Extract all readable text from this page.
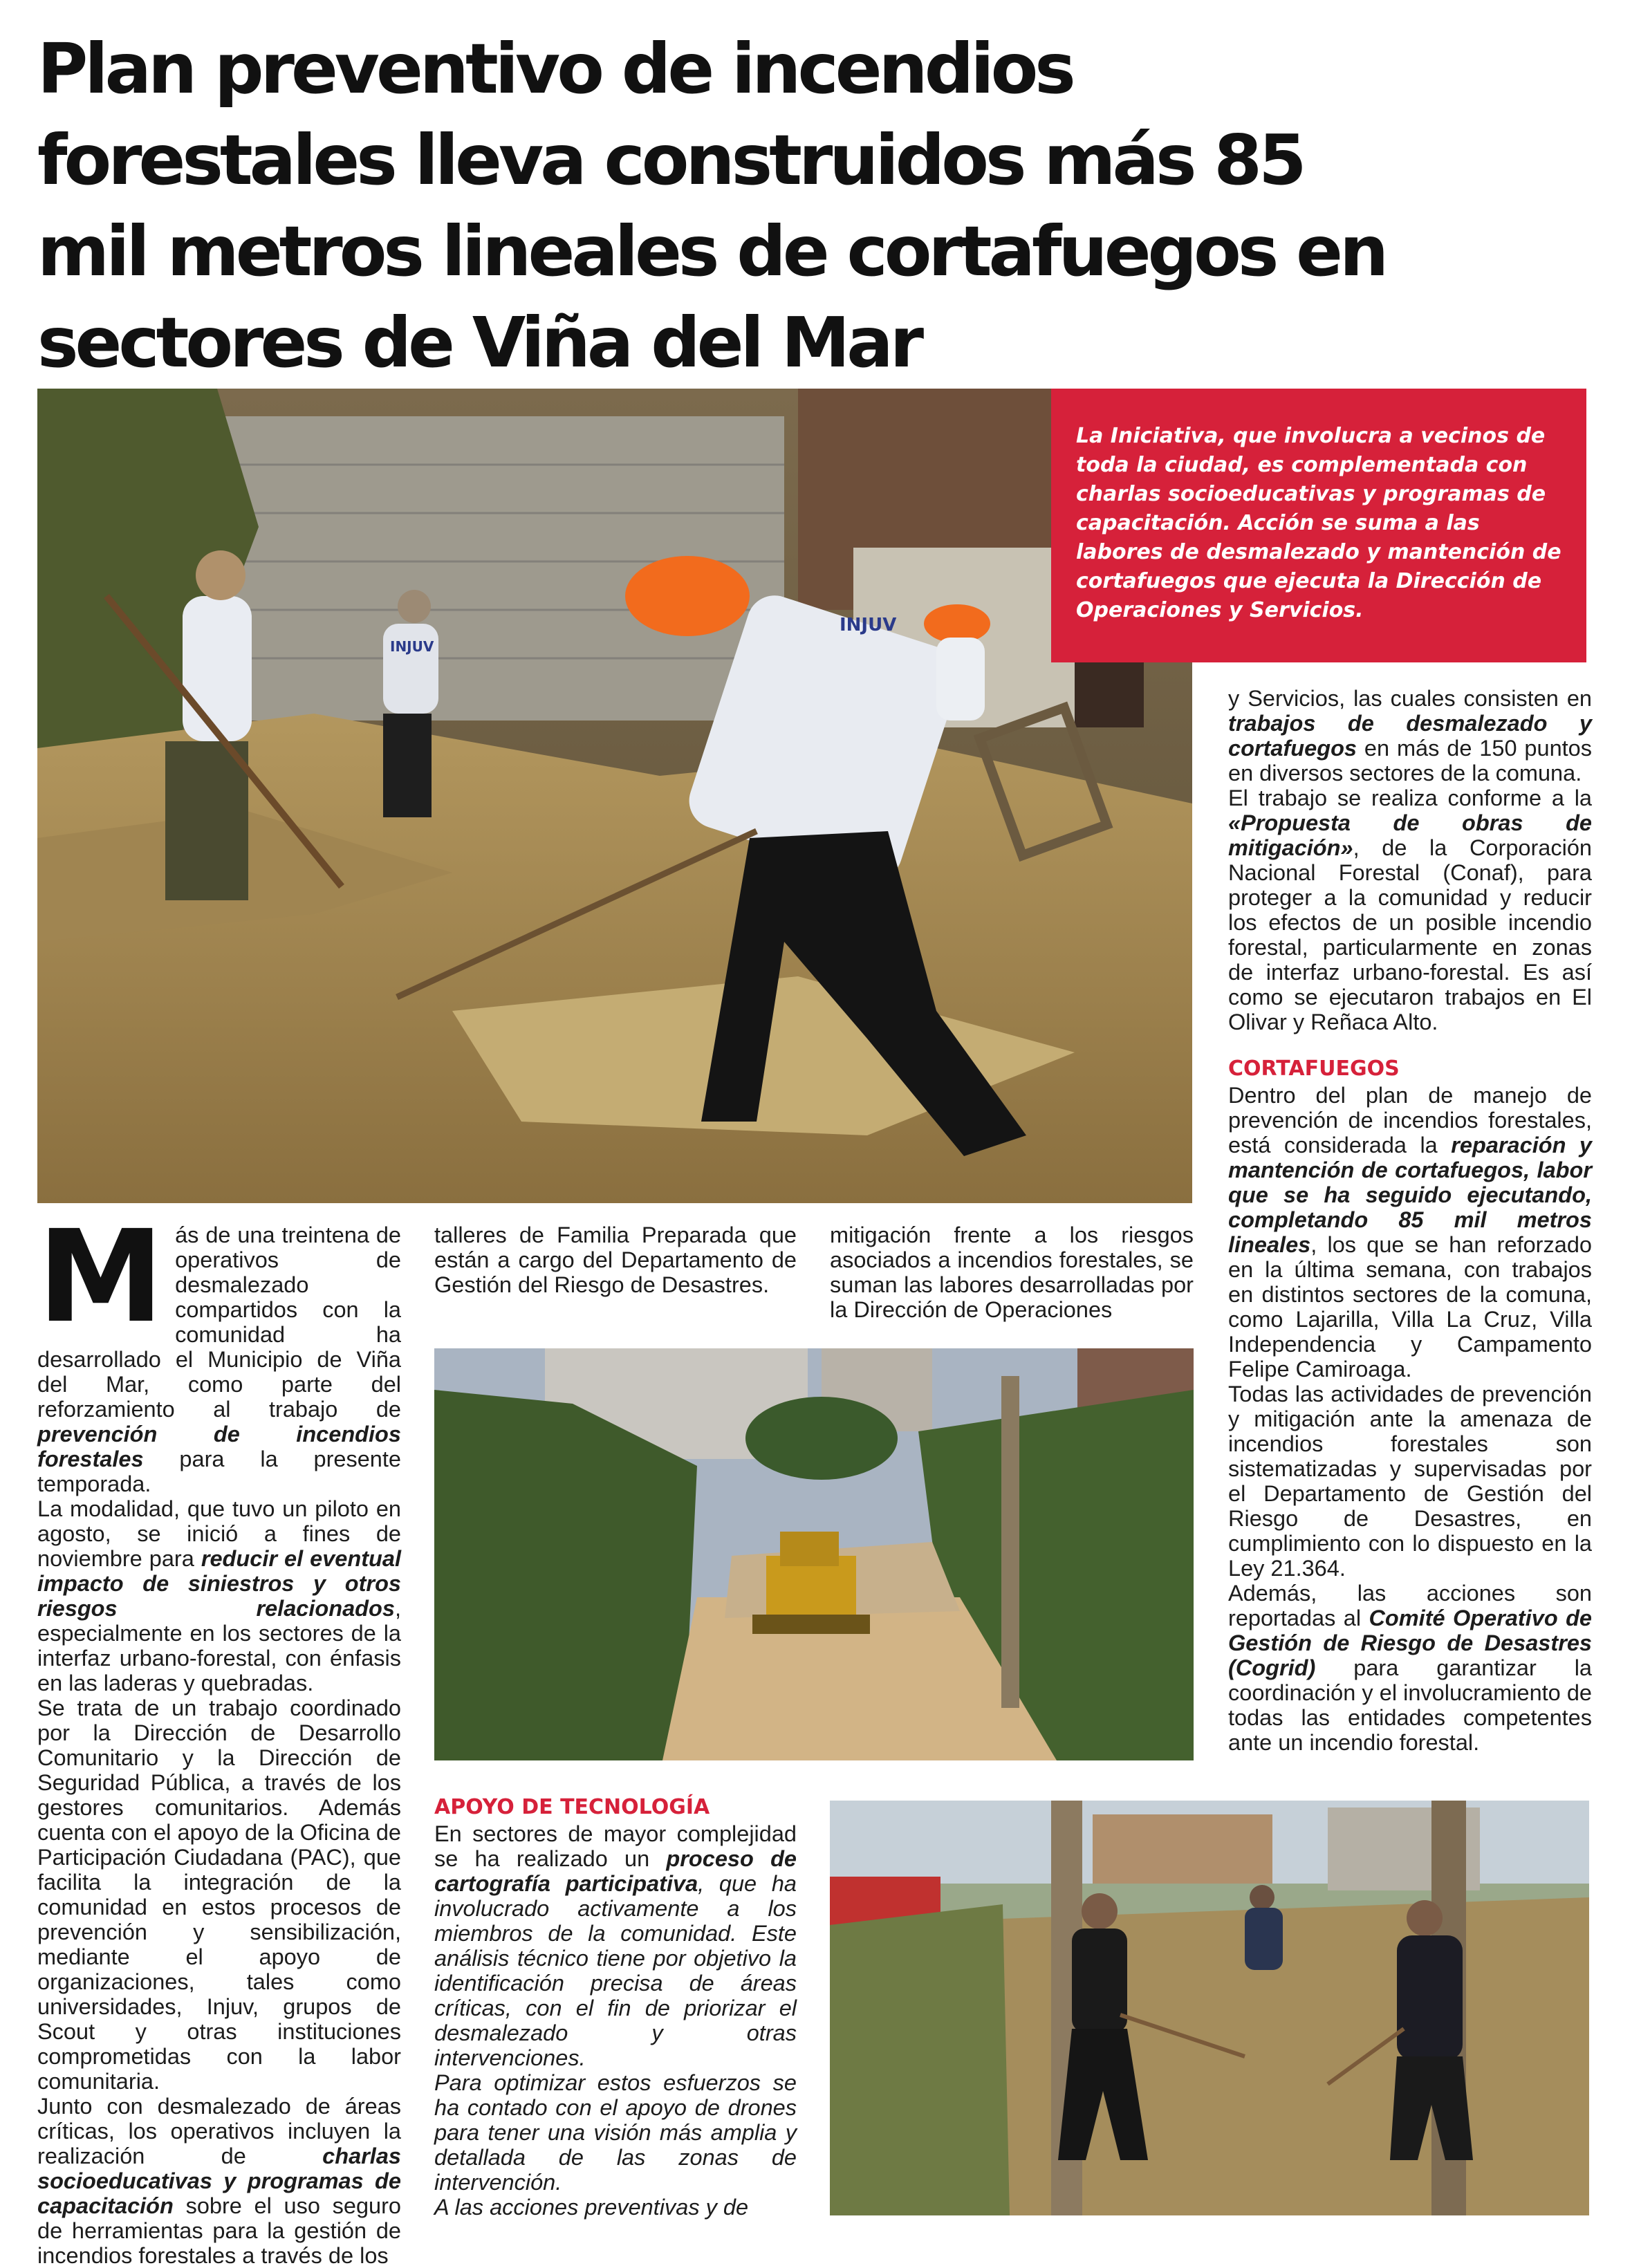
Plan preventivo de incendios
forestales lleva construidos más 85
mil metros lineales de cortafuegos en
sectores de Viña del Mar
INJUV
INJUV

La Iniciativa, que involucra a vecinos de toda la ciudad, es complementada con charlas socioeducativas y programas de capacitación. Acción se suma a las labores de desmalezado y mantención de cortafuegos que ejecuta la Dirección de Operaciones y Servicios.

Más de una treintena de operativos de desmalezado compartidos con la comunidad ha desarrollado el Municipio de Viña del Mar, como parte del reforzamiento al trabajo de prevención de incendios forestales para la presente temporada.

La modalidad, que tuvo un piloto en agosto, se inició a fines de noviembre para reducir el eventual impacto de siniestros y otros riesgos relacionados, especialmente en los sectores de la interfaz urbano-forestal, con énfasis en las laderas y quebradas.

Se trata de un trabajo coordinado por la Dirección de Desarrollo Comunitario y la Dirección de Seguridad Pública, a través de los gestores comunitarios. Además cuenta con el apoyo de la Oficina de Participación Ciudadana (PAC), que facilita la integración de la comunidad en estos procesos de prevención y sensibilización, mediante el apoyo de organizaciones, tales como universidades, Injuv, grupos de Scout y otras instituciones comprometidas con la labor comunitaria.

Junto con desmalezado de áreas críticas, los operativos incluyen la realización de charlas socioeducativas y programas de capacitación sobre el uso seguro de herramientas para la gestión de incendios forestales a través de los

talleres de Familia Preparada que están a cargo del Departamento de Gestión del Riesgo de Desastres.

mitigación frente a los riesgos asociados a incendios forestales, se suman las labores desarrolladas por la Dirección de Operaciones

APOYO DE TECNOLOGÍA

En sectores de mayor complejidad se ha realizado un proceso de cartografía participativa, que ha involucrado activamente a los miembros de la comunidad. Este análisis técnico tiene por objetivo la identificación precisa de áreas críticas, con el fin de priorizar el desmalezado y otras intervenciones.

Para optimizar estos esfuerzos se ha contado con el apoyo de drones para tener una visión más amplia y detallada de las zonas de intervención.

A las acciones preventivas y de

y Servicios, las cuales consisten en trabajos de desmalezado y cortafuegos en más de 150 puntos en diversos sectores de la comuna.

El trabajo se realiza conforme a la «Propuesta de obras de mitigación», de la Corporación Nacional Forestal (Conaf), para proteger a la comunidad y reducir los efectos de un posible incendio forestal, particularmente en zonas de interfaz urbano-forestal. Es así como se ejecutaron trabajos en El Olivar y Reñaca Alto.

CORTAFUEGOS

Dentro del plan de manejo de prevención de incendios forestales, está considerada la reparación y mantención de cortafuegos, labor que se ha seguido ejecutando, completando 85 mil metros lineales, los que se han reforzado en la última semana, con trabajos en distintos sectores de la comuna, como Lajarilla, Villa La Cruz, Villa Independencia y Campamento Felipe Camiroaga.

Todas las actividades de prevención y mitigación ante la amenaza de incendios forestales son sistematizadas y supervisadas por el Departamento de Gestión del Riesgo de Desastres, en cumplimiento con lo dispuesto en la Ley 21.364.

Además, las acciones son reportadas al Comité Operativo de Gestión de Riesgo de Desastres (Cogrid) para garantizar la coordinación y el involucramiento de todas las entidades competentes ante un incendio forestal.
